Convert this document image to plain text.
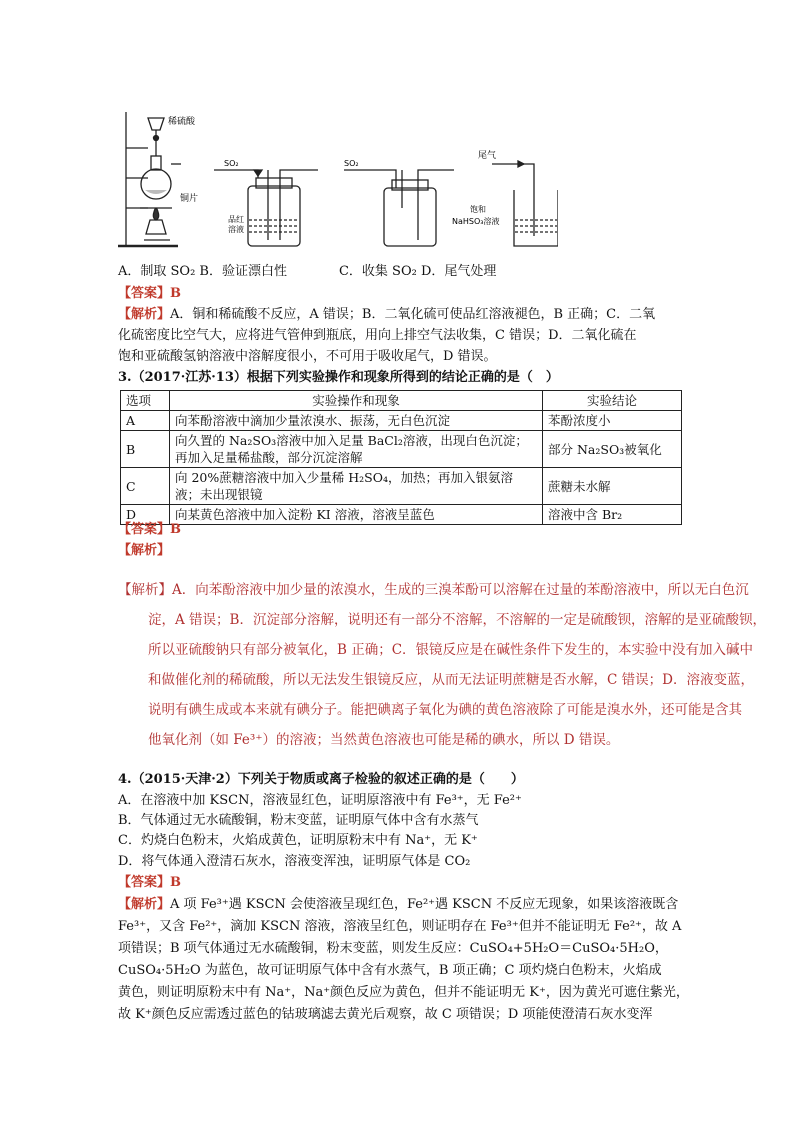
稀硫酸
铜片
SO₂
品红
溶液
SO₂
尾气
饱和
NaHSO₃溶液
A．制取 SO₂ B．验证漂白性　　　　C．收集 SO₂ D．尾气处理
【答案】B
【解析】A．铜和稀硫酸不反应，A 错误；B．二氧化硫可使品红溶液褪色，B 正确；C．二氧
化硫密度比空气大，应将进气管伸到瓶底，用向上排空气法收集，C 错误；D．二氧化硫在
饱和亚硫酸氢钠溶液中溶解度很小，不可用于吸收尾气，D 错误。
3.（2017·江苏·13）根据下列实验操作和现象所得到的结论正确的是（　）
选项	实验操作和现象	实验结论
A	向苯酚溶液中滴加少量浓溴水、振荡，无白色沉淀	苯酚浓度小
B	向久置的 Na₂SO₃溶液中加入足量 BaCl₂溶液，出现白色沉淀；再加入足量稀盐酸，部分沉淀溶解	部分 Na₂SO₃被氧化
C	向 20%蔗糖溶液中加入少量稀 H₂SO₄，加热；再加入银氨溶液；未出现银镜	蔗糖未水解
D	向某黄色溶液中加入淀粉 KI 溶液，溶液呈蓝色	溶液中含 Br₂
【答案】B
【解析】
【解析】A．向苯酚溶液中加少量的浓溴水，生成的三溴苯酚可以溶解在过量的苯酚溶液中，所以无白色沉
淀，A 错误；B．沉淀部分溶解，说明还有一部分不溶解，不溶解的一定是硫酸钡，溶解的是亚硫酸钡，
所以亚硫酸钠只有部分被氧化，B 正确；C．银镜反应是在碱性条件下发生的，本实验中没有加入碱中
和做催化剂的稀硫酸，所以无法发生银镜反应，从而无法证明蔗糖是否水解，C 错误；D．溶液变蓝，
说明有碘生成或本来就有碘分子。能把碘离子氧化为碘的黄色溶液除了可能是溴水外，还可能是含其
他氧化剂（如 Fe³⁺）的溶液；当然黄色溶液也可能是稀的碘水，所以 D 错误。
4.（2015·天津·2）下列关于物质或离子检验的叙述正确的是（　　）
A．在溶液中加 KSCN，溶液显红色，证明原溶液中有 Fe³⁺，无 Fe²⁺
B．气体通过无水硫酸铜，粉末变蓝，证明原气体中含有水蒸气
C．灼烧白色粉末，火焰成黄色，证明原粉末中有 Na⁺，无 K⁺
D．将气体通入澄清石灰水，溶液变浑浊，证明原气体是 CO₂
【答案】B
【解析】A 项 Fe³⁺遇 KSCN 会使溶液呈现红色，Fe²⁺遇 KSCN 不反应无现象，如果该溶液既含
Fe³⁺，又含 Fe²⁺，滴加 KSCN 溶液，溶液呈红色，则证明存在 Fe³⁺但并不能证明无 Fe²⁺，故 A
项错误；B 项气体通过无水硫酸铜，粉末变蓝，则发生反应：CuSO₄+5H₂O＝CuSO₄·5H₂O，
CuSO₄·5H₂O 为蓝色，故可证明原气体中含有水蒸气，B 项正确；C 项灼烧白色粉末，火焰成
黄色，则证明原粉末中有 Na⁺，Na⁺颜色反应为黄色，但并不能证明无 K⁺，因为黄光可遮住紫光，
故 K⁺颜色反应需透过蓝色的钴玻璃滤去黄光后观察，故 C 项错误；D 项能使澄清石灰水变浑
